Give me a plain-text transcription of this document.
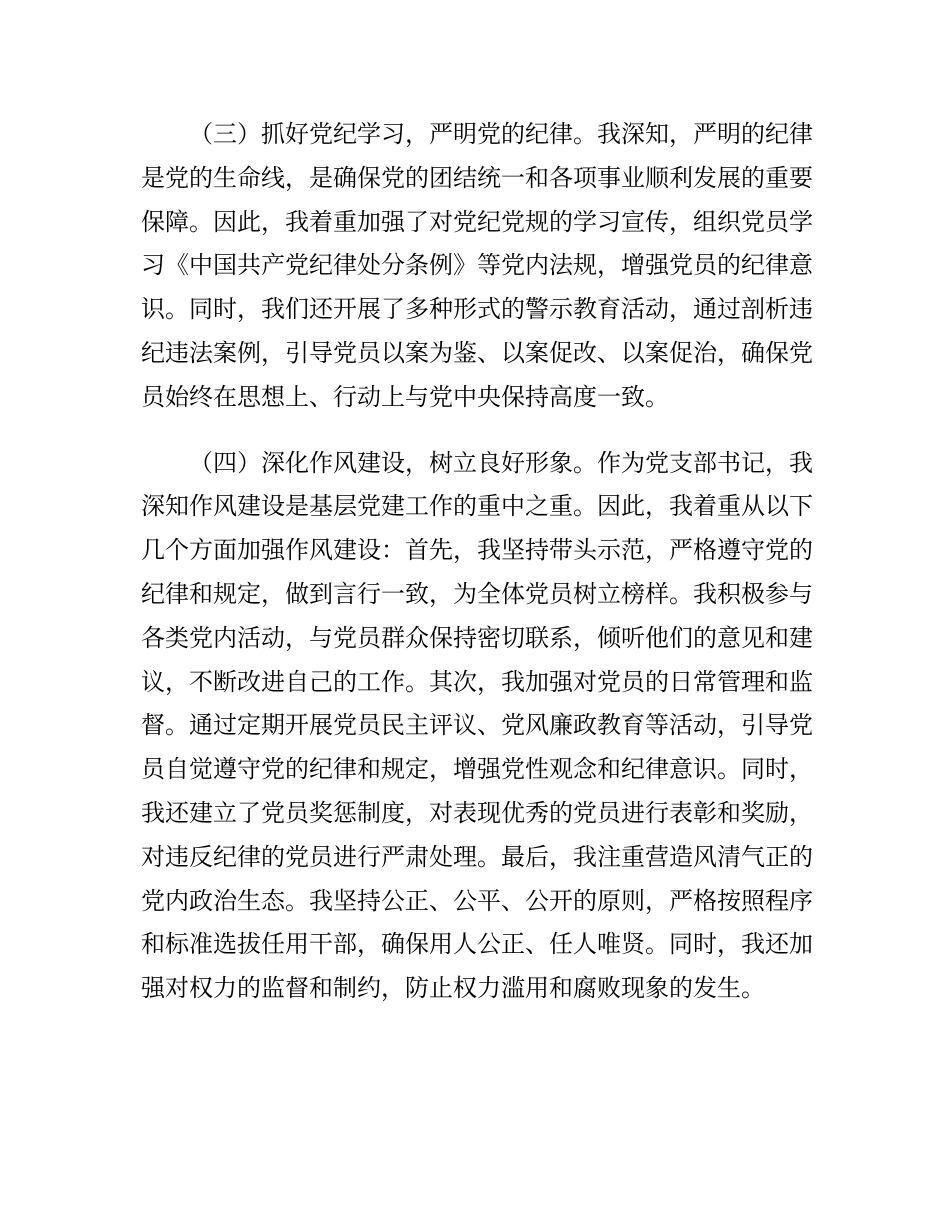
（三）抓好党纪学习，严明党的纪律。我深知，严明的纪律是党的生命线，是确保党的团结统一和各项事业顺利发展的重要保障。因此，我着重加强了对党纪党规的学习宣传，组织党员学习《中国共产党纪律处分条例》等党内法规，增强党员的纪律意识。同时，我们还开展了多种形式的警示教育活动，通过剖析违纪违法案例，引导党员以案为鉴、以案促改、以案促治，确保党员始终在思想上、行动上与党中央保持高度一致。

（四）深化作风建设，树立良好形象。作为党支部书记，我深知作风建设是基层党建工作的重中之重。因此，我着重从以下几个方面加强作风建设：首先，我坚持带头示范，严格遵守党的纪律和规定，做到言行一致，为全体党员树立榜样。我积极参与各类党内活动，与党员群众保持密切联系，倾听他们的意见和建议，不断改进自己的工作。其次，我加强对党员的日常管理和监督。通过定期开展党员民主评议、党风廉政教育等活动，引导党员自觉遵守党的纪律和规定，增强党性观念和纪律意识。同时，我还建立了党员奖惩制度，对表现优秀的党员进行表彰和奖励，对违反纪律的党员进行严肃处理。最后，我注重营造风清气正的党内政治生态。我坚持公正、公平、公开的原则，严格按照程序和标准选拔任用干部，确保用人公正、任人唯贤。同时，我还加强对权力的监督和制约，防止权力滥用和腐败现象的发生。
